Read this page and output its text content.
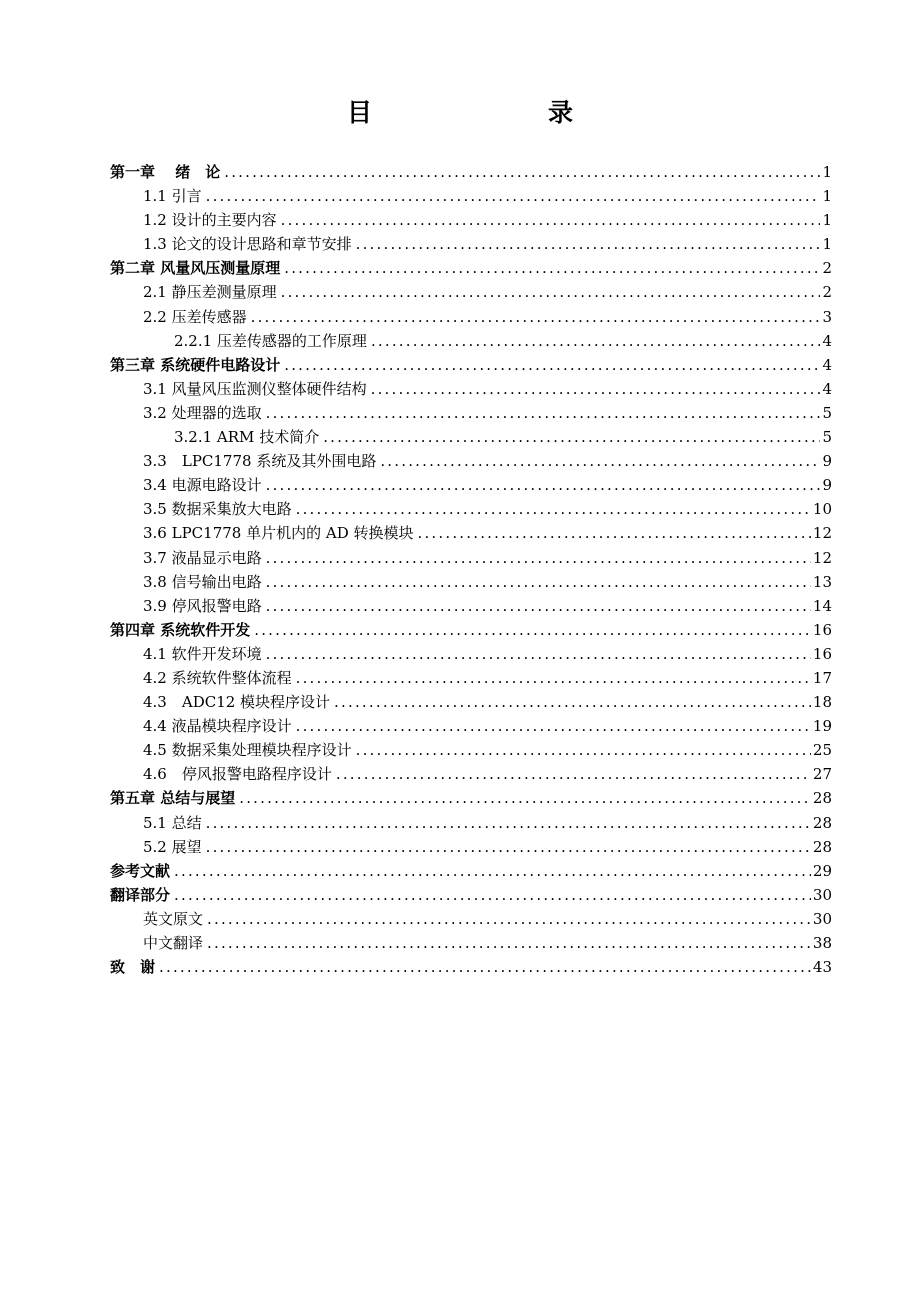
目　　录
第一章　 绪　论 .....	1
1.1 引言 .....	1
1.2 设计的主要内容 .....	1
1.3 论文的设计思路和章节安排 .....	1
第二章 风量风压测量原理 .....	2
2.1 静压差测量原理 .....	2
2.2 压差传感器 .....	3
2.2.1 压差传感器的工作原理 .....	4
第三章 系统硬件电路设计 .....	4
3.1 风量风压监测仪整体硬件结构 .....	4
3.2 处理器的选取 .....	5
3.2.1 ARM 技术简介 .....	5
3.3　LPC1778 系统及其外围电路 .....	9
3.4 电源电路设计 .....	9
3.5 数据采集放大电路 .....	10
3.6 LPC1778 单片机内的 AD 转换模块 .....	12
3.7 液晶显示电路 .....	12
3.8 信号输出电路 .....	13
3.9 停风报警电路 .....	14
第四章 系统软件开发 .....	16
4.1 软件开发环境 .....	16
4.2 系统软件整体流程 .....	17
4.3　ADC12 模块程序设计 .....	18
4.4 液晶模块程序设计 .....	19
4.5 数据采集处理模块程序设计 .....	25
4.6　停风报警电路程序设计 .....	27
第五章 总结与展望 .....	28
5.1 总结 .....	28
5.2 展望 .....	28
参考文献 .....	29
翻译部分 .....	30
英文原文 .....	30
中文翻译 .....	38
致　谢 .....	43
